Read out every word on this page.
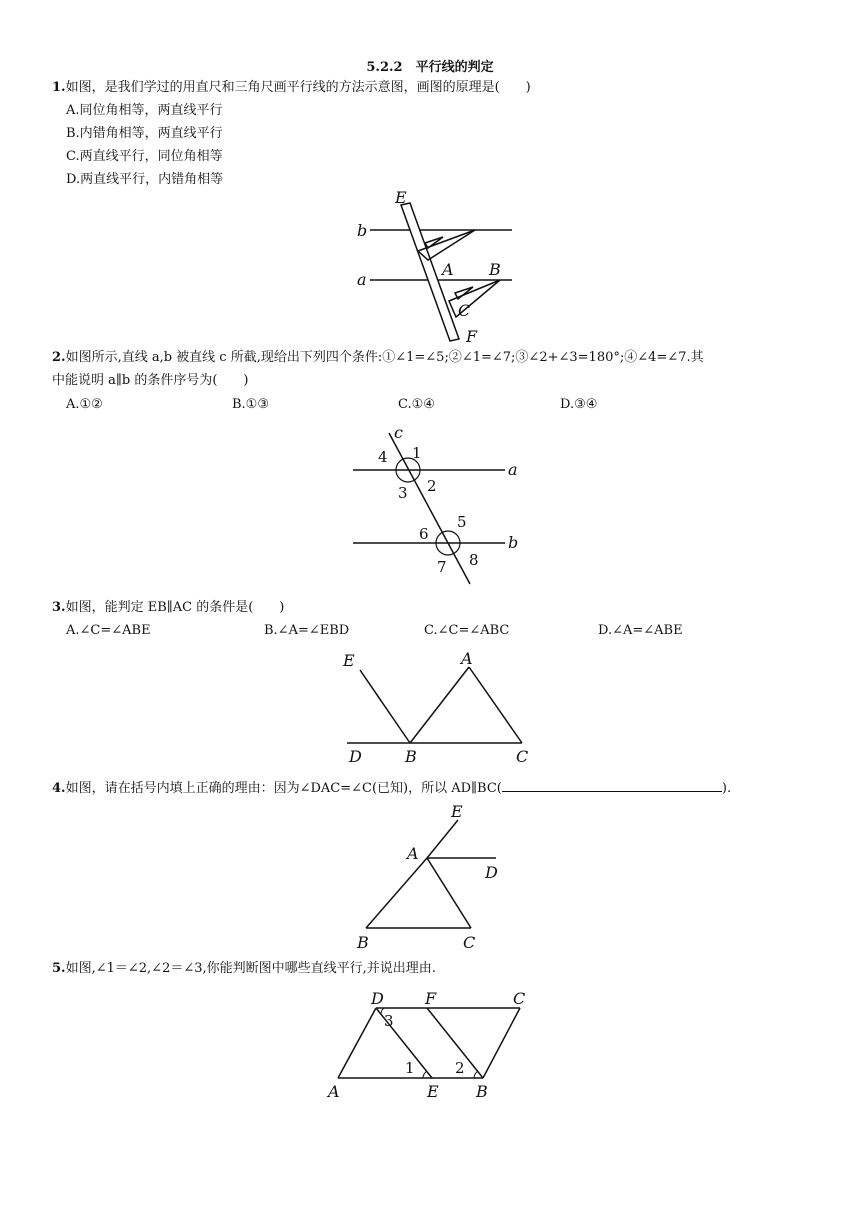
5.2.2　平行线的判定
1.如图，是我们学过的用直尺和三角尺画平行线的方法示意图，画图的原理是(　　)
A.同位角相等，两直线平行
B.内错角相等，两直线平行
C.两直线平行，同位角相等
D.两直线平行，内错角相等
E
b
a
A B
C
F
2.如图所示,直线 a,b 被直线 c 所截,现给出下列四个条件:①∠1=∠5;②∠1=∠7;③∠2+∠3=180°;④∠4=∠7.其
中能说明 a∥b 的条件序号为(　　)
A.①②	B.①③	C.①④	D.③④
c
a
b
1
2
3
4
5
6
7 8
3.如图，能判定 EB∥AC 的条件是(　　)
A.∠C=∠ABE	B.∠A=∠EBD	C.∠C=∠ABC	D.∠A=∠ABE
E	A
D	B	C
4.如图，请在括号内填上正确的理由：因为∠DAC=∠C(已知)，所以 AD∥BC(	).
E
A
D
B	C
5.如图,∠1＝∠2,∠2＝∠3,你能判断图中哪些直线平行,并说出理由.
D	F	C
3
1	2
A	E B
